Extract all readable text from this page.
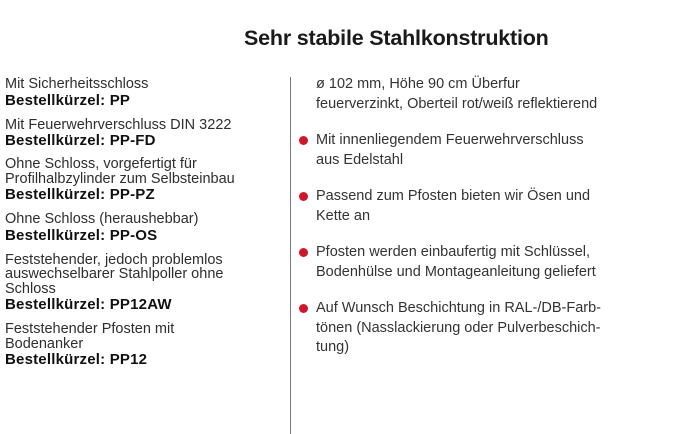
Sehr stabile Stahlkonstruktion
Mit Sicherheitsschloss
Bestellkürzel: PP
Mit Feuerwehrverschluss DIN 3222
Bestellkürzel: PP-FD
Ohne Schloss, vorgefertigt für
Profilhalbzylinder zum Selbsteinbau
Bestellkürzel: PP-PZ
Ohne Schloss (heraushebbar)
Bestellkürzel: PP-OS
Feststehender, jedoch problemlos
auswechselbarer Stahlpoller ohne
Schloss
Bestellkürzel: PP12AW
Feststehender Pfosten mit
Bodenanker
Bestellkürzel: PP12
ø 102 mm, Höhe 90 cm Überfur
feuerverzinkt, Oberteil rot/weiß reflektierend
Mit innenliegendem Feuerwehrverschluss
aus Edelstahl
Passend zum Pfosten bieten wir Ösen und
Kette an
Pfosten werden einbaufertig mit Schlüssel,
Bodenhülse und Montageanleitung geliefert
Auf Wunsch Beschichtung in RAL-/DB-Farb-
tönen (Nasslackierung oder Pulverbeschich-
tung)
